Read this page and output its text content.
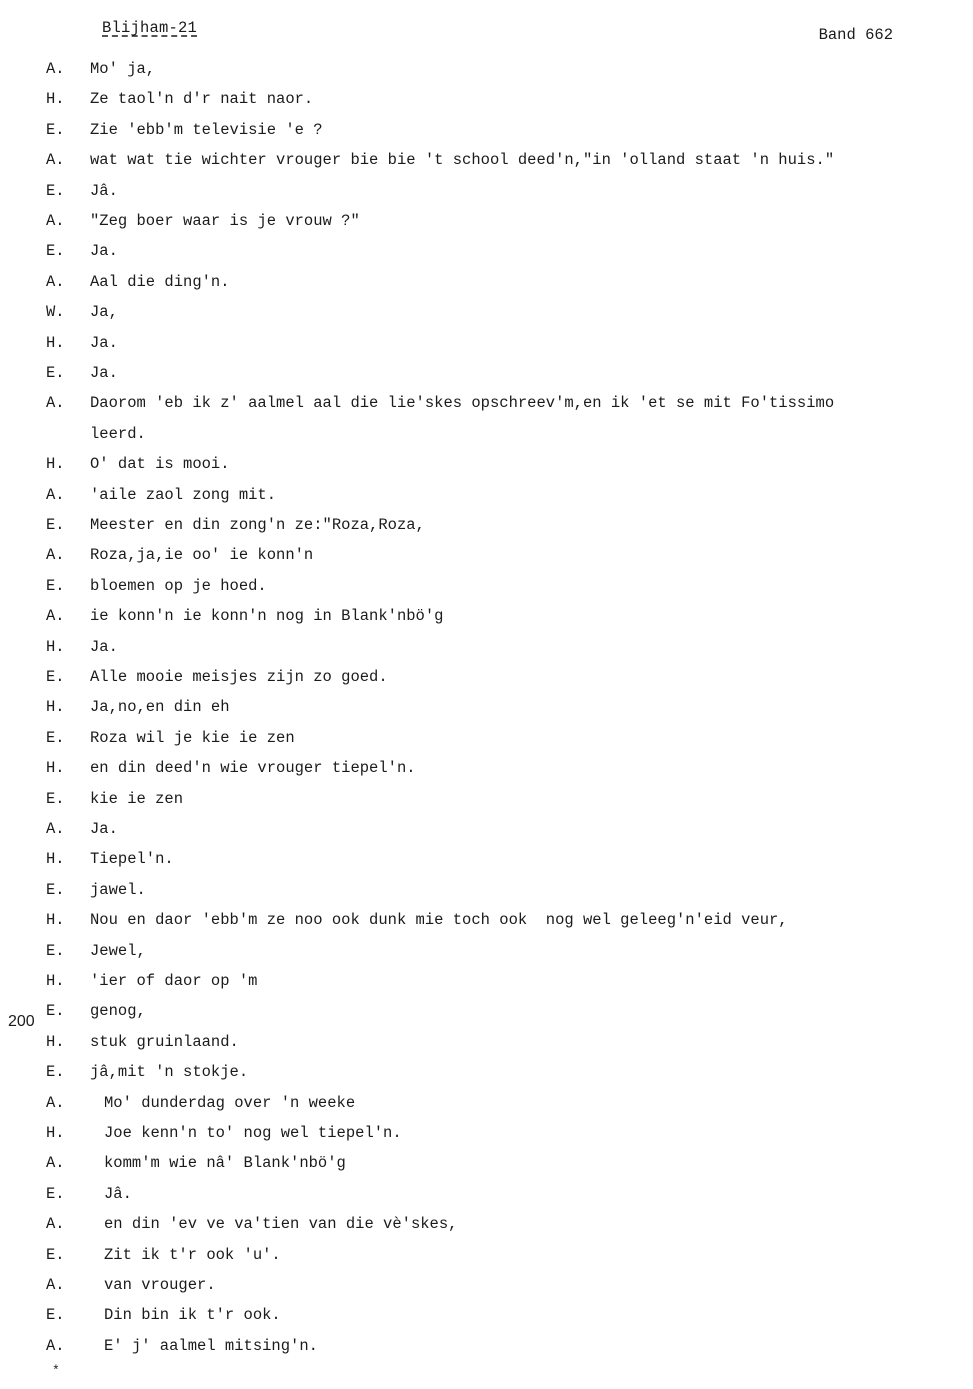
Blijham-21	Band 662
A.	Mo' ja,
H.	Ze taol'n d'r nait naor.
E.	Zie 'ebb'm televisie 'e ?
A.	wat wat tie wichter vrouger bie bie 't school deed'n,"in 'olland staat 'n huis."
E.	Jâ.
A.	"Zeg boer waar is je vrouw ?"
E.	Ja.
A.	Aal die ding'n.
W.	Ja,
H.	Ja.
E.	Ja.
A.	Daorom 'eb ik z' aalmel aal die lie'skes opschreev'm,en ik 'et se mit Fo'tissimo
leerd.
H.	O' dat is mooi.
A.	'aile zaol zong mit.
E.	Meester en din zong'n ze:"Roza,Roza,
A.	Roza,ja,ie oo' ie konn'n
E.	bloemen op je hoed.
A.	ie konn'n ie konn'n nog in Blank'nbö'g
H.	Ja.
E.	Alle mooie meisjes zijn zo goed.
H.	Ja,no,en din eh
E.	Roza wil je kie ie zen
H.	en din deed'n wie vrouger tiepel'n.
E.	kie ie zen
A.	Ja.
H.	Tiepel'n.
E.	jawel.
H.	Nou en daor 'ebb'm ze noo ook dunk mie toch ook  nog wel geleeg'n'eid veur,
E.	Jewel,
H.	'ier of daor op 'm
E.	genog,
H.	stuk gruinlaand.
E.	jâ,mit 'n stokje.
A.	Mo' dunderdag over 'n weeke
H.	Joe kenn'n to' nog wel tiepel'n.
A.	komm'm wie nâ' Blank'nbö'g
E.	Jâ.
A.	en din 'ev ve va'tien van die vè'skes,
E.	Zit ik t'r ook 'u'.
A.	van vrouger.
E.	Din bin ik t'r ook.
A.	E' j' aalmel mitsing'n.
200
*
